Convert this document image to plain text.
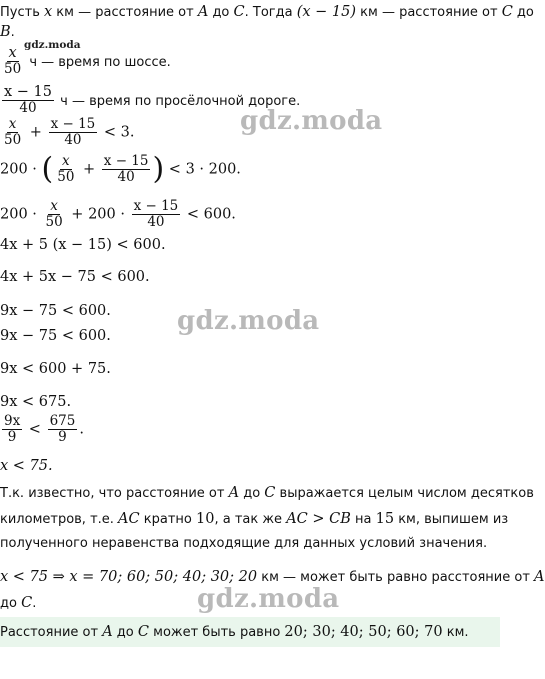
Пусть x км — расстояние от A до C. Тогда (x − 15) км — расстояние от C до
B.
gdz.moda
$\frac{x}{50}$ ч — время по шоссе.
$\frac{x - 15}{40}$ ч — время по просёлочной дороге.
gdz.moda
$\frac{x}{50} + \frac{x - 15}{40} < 3$.
200 · ( $\frac{x}{50} + \frac{x - 15}{40}$ ) < 3 · 200.
$200 \cdot \frac{x}{50} + 200 \cdot \frac{x - 15}{40} < 600$.
4x + 5 (x − 15) < 600.
4x + 5x − 75 < 600.
9x − 75 < 600.
9x − 75 < 600.	gdz.moda
9x < 600 + 75.
9x < 675.
$\frac{9x}{9} < \frac{675}{9}$ .
x < 75.
Т.к. известно, что расстояние от A до C выражается целым числом десятков
километров, т.е. AC кратно 10, а так же AC > CB на 15 км, выпишем из
полученного неравенства подходящие для данных условий значения.
x < 75 ⇒ x = 70; 60; 50; 40; 30; 20 км — может быть равно расстояние от A
до C.	gdz.moda
Расстояние от A до C может быть равно 20; 30; 40; 50; 60; 70 км.
